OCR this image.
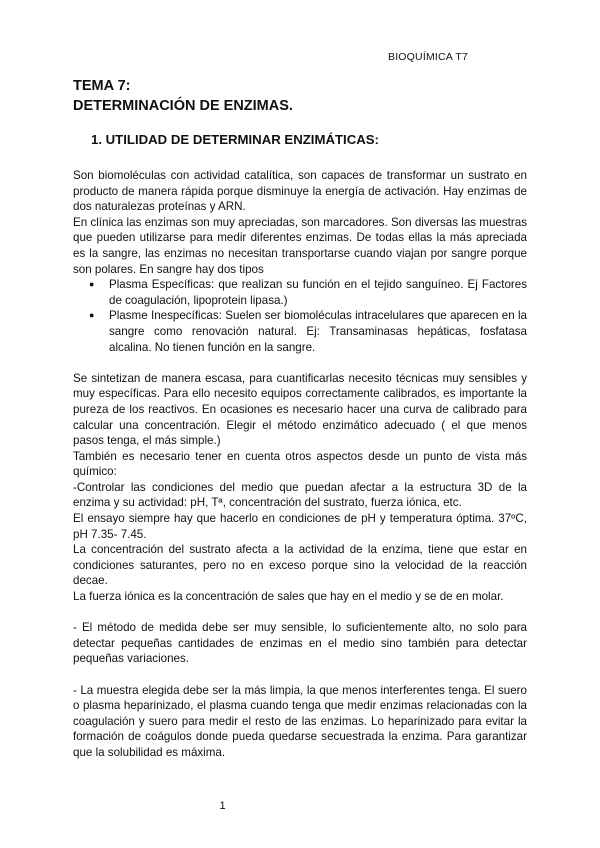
BIOQUÍMICA T7
TEMA 7:
DETERMINACIÓN DE ENZIMAS.
1. UTILIDAD DE DETERMINAR ENZIMÁTICAS:

Son biomoléculas con actividad catalítica, son capaces de transformar un sustrato en producto de manera rápida porque disminuye la energía de activación. Hay enzimas de dos naturalezas proteínas y ARN.

En clínica las enzimas son muy apreciadas, son marcadores. Son diversas las muestras que pueden utilizarse para medir diferentes enzimas. De todas ellas la más apreciada es la sangre, las enzimas no necesitan transportarse cuando viajan por sangre porque son polares. En sangre hay dos tipos

● Plasma Específicas: que realizan su función en el tejido sanguíneo. Ej Factores de coagulación, lipoprotein lipasa.)
● Plasme Inespecíficas: Suelen ser biomoléculas intracelulares que aparecen en la sangre como renovación natural. Ej: Transaminasas hepáticas, fosfatasa alcalina. No tienen función en la sangre.

Se sintetizan de manera escasa, para cuantificarlas necesito técnicas muy sensibles y muy específicas. Para ello necesito equipos correctamente calibrados, es importante la pureza de los reactivos. En ocasiones es necesario hacer una curva de calibrado para calcular una concentración. Elegir el método enzimático adecuado ( el que menos pasos tenga, el más simple.)

También es necesario tener en cuenta otros aspectos desde un punto de vista más químico:

-Controlar las condiciones del medio que puedan afectar a la estructura 3D de la enzima y su actividad: pH, Tª, concentración del sustrato, fuerza iónica, etc.

El ensayo siempre hay que hacerlo en condiciones de pH y temperatura óptima. 37ºC, pH 7.35- 7.45.

La concentración del sustrato afecta a la actividad de la enzima, tiene que estar en condiciones saturantes, pero no en exceso porque sino la velocidad de la reacción decae.

La fuerza iónica es la concentración de sales que hay en el medio y se de en molar.

- El método de medida debe ser muy sensible, lo suficientemente alto, no solo para detectar pequeñas cantidades de enzimas en el medio sino también para detectar pequeñas variaciones.

- La muestra elegida debe ser la más limpia, la que menos interferentes tenga. El suero o plasma heparinizado, el plasma cuando tenga que medir enzimas relacionadas con la coagulación y suero para medir el resto de las enzimas. Lo heparinizado para evitar la formación de coágulos donde pueda quedarse secuestrada la enzima. Para garantizar que la solubilidad es máxima.

1
